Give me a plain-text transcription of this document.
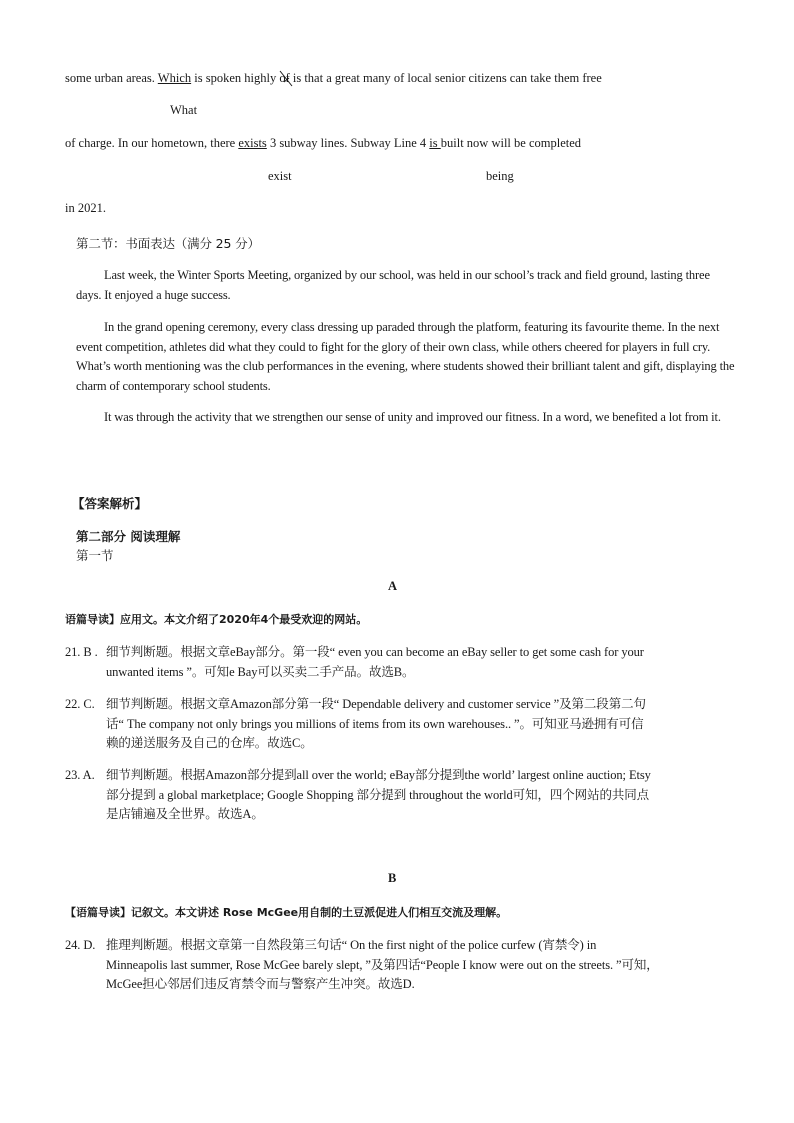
some urban areas. Which is spoken highly of
is that a great many of local senior citizens can take them free
What
of charge. In our hometown, there exists 3 subway lines. Subway Line 4 is built now will be completed
exist	being
in 2021.
第二节：书面表达（满分 25 分）

Last week, the Winter Sports Meeting, organized by our school, was held in our school’s track and field ground, lasting three days. It enjoyed a huge success.

In the grand opening ceremony, every class dressing up paraded through the platform, featuring its favourite theme. In the next event competition, athletes did what they could to fight for the glory of their own class, while others cheered for players in full cry. What’s worth mentioning was the club performances in the evening, where students showed their brilliant talent and gift, displaying the charm of contemporary school students.

It was through the activity that we strengthen our sense of unity and improved our fitness. In a word, we benefited a lot from it.

【答案解析】
第二部分 阅读理解
第一节
A
语篇导读】应用文。本文介绍了2020年4个最受欢迎的网站。
21. B . 细节判断题。根据文章eBay部分。第一段“ even you can become an eBay seller to get some cash for your
unwanted items ”。可知e Bay可以买卖二手产品。故选B。
22. C. 细节判断题。根据文章Amazon部分第一段“ Dependable delivery and customer service ”及第二段第二句
话“ The company not only brings you millions of items from its own warehouses.. ”。可知亚马逊拥有可信
赖的递送服务及自己的仓库。故选C。
23. A. 细节判断题。根据Amazon部分提到all over the world; eBay部分提到the world’ largest online auction; Etsy
部分提到 a global marketplace; Google Shopping 部分提到 throughout the world可知，四个网站的共同点
是店铺遍及全世界。故选A。
B
【语篇导读】记叙文。本文讲述 Rose McGee用自制的土豆派促进人们相互交流及理解。
24. D. 推理判断题。根据文章第一自然段第三句话“ On the first night of the police curfew (宵禁令) in
Minneapolis last summer, Rose McGee barely slept, ”及第四话“People I know were out on the streets. ”可知，
McGee担心邻居们违反宵禁令而与警察产生冲突。故选D.
